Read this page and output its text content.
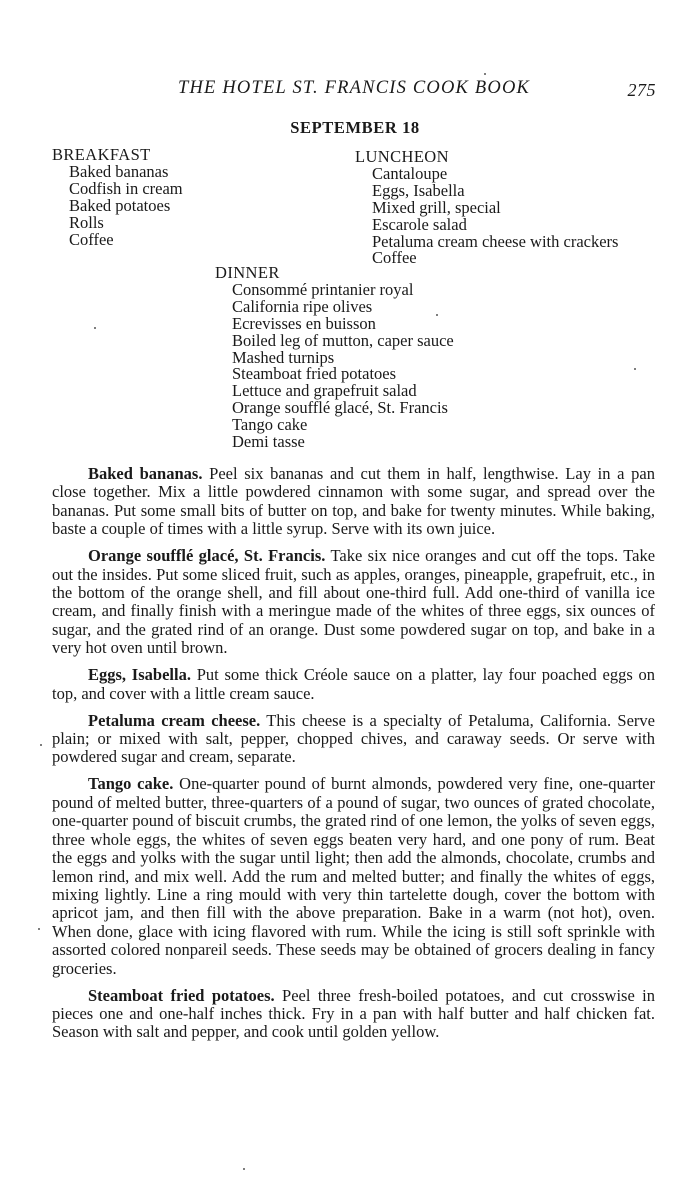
THE HOTEL ST. FRANCIS COOK BOOK	275
SEPTEMBER 18
BREAKFAST
Baked bananas
Codfish in cream
Baked potatoes
Rolls
Coffee
LUNCHEON
Cantaloupe
Eggs, Isabella
Mixed grill, special
Escarole salad
Petaluma cream cheese with crackers
Coffee
DINNER
Consommé printanier royal
California ripe olives
Ecrevisses en buisson
Boiled leg of mutton, caper sauce
Mashed turnips
Steamboat fried potatoes
Lettuce and grapefruit salad
Orange soufflé glacé, St. Francis
Tango cake
Demi tasse

Baked bananas. Peel six bananas and cut them in half, lengthwise. Lay in a pan close together. Mix a little powdered cinnamon with some sugar, and spread over the bananas. Put some small bits of butter on top, and bake for twenty minutes. While baking, baste a couple of times with a little syrup. Serve with its own juice.

Orange soufflé glacé, St. Francis. Take six nice oranges and cut off the tops. Take out the insides. Put some sliced fruit, such as apples, oranges, pineapple, grapefruit, etc., in the bottom of the orange shell, and fill about one-third full. Add one-third of vanilla ice cream, and finally finish with a meringue made of the whites of three eggs, six ounces of sugar, and the grated rind of an orange. Dust some powdered sugar on top, and bake in a very hot oven until brown.

Eggs, Isabella. Put some thick Créole sauce on a platter, lay four poached eggs on top, and cover with a little cream sauce.

Petaluma cream cheese. This cheese is a specialty of Petaluma, California. Serve plain; or mixed with salt, pepper, chopped chives, and caraway seeds. Or serve with powdered sugar and cream, separate.

Tango cake. One-quarter pound of burnt almonds, powdered very fine, one-quarter pound of melted butter, three-quarters of a pound of sugar, two ounces of grated chocolate, one-quarter pound of biscuit crumbs, the grated rind of one lemon, the yolks of seven eggs, three whole eggs, the whites of seven eggs beaten very hard, and one pony of rum. Beat the eggs and yolks with the sugar until light; then add the almonds, chocolate, crumbs and lemon rind, and mix well. Add the rum and melted butter; and finally the whites of eggs, mixing lightly. Line a ring mould with very thin tartelette dough, cover the bottom with apricot jam, and then fill with the above preparation. Bake in a warm (not hot), oven. When done, glace with icing flavored with rum. While the icing is still soft sprinkle with assorted colored nonpareil seeds. These seeds may be obtained of grocers dealing in fancy groceries.

Steamboat fried potatoes. Peel three fresh-boiled potatoes, and cut crosswise in pieces one and one-half inches thick. Fry in a pan with half butter and half chicken fat. Season with salt and pepper, and cook until golden yellow.
